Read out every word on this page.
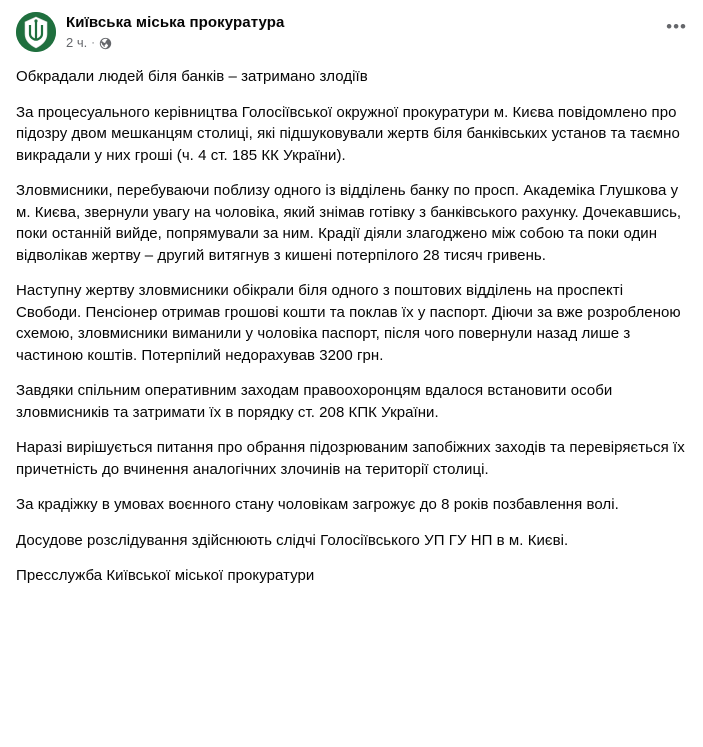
Київська міська прокуратура
2 ч. ·
•••

Обкрадали людей біля банків – затримано злодіїв

За процесуального керівництва Голосіївської окружної прокуратури м. Києва повідомлено про підозру двом мешканцям столиці, які підшуковували жертв біля банківських установ та таємно викрадали у них гроші (ч. 4 ст. 185 КК України).

Зловмисники, перебуваючи поблизу одного із відділень банку по просп. Академіка Глушкова у м. Києва, звернули увагу на чоловіка, який знімав готівку з банківського рахунку. Дочекавшись, поки останній вийде, попрямували за ним. Крадії діяли злагоджено між собою та поки один відволікав жертву – другий витягнув з кишені потерпілого 28 тисяч гривень.

Наступну жертву зловмисники обікрали біля одного з поштових відділень на проспекті Свободи. Пенсіонер отримав грошові кошти та поклав їх у паспорт. Діючи за вже розробленою схемою, зловмисники виманили у чоловіка паспорт, після чого повернули назад лише з частиною коштів. Потерпілий недорахував 3200 грн.

Завдяки спільним оперативним заходам правоохоронцям вдалося встановити особи зловмисників та затримати їх в порядку ст. 208 КПК України.

Наразі вирішується питання про обрання підозрюваним запобіжних заходів та перевіряється їх причетність до вчинення аналогічних злочинів на території столиці.

За крадіжку в умовах воєнного стану чоловікам загрожує до 8 років позбавлення волі.

Досудове розслідування здійснюють слідчі Голосіївського УП ГУ НП в м. Києві.

Пресслужба Київської міської прокуратури
